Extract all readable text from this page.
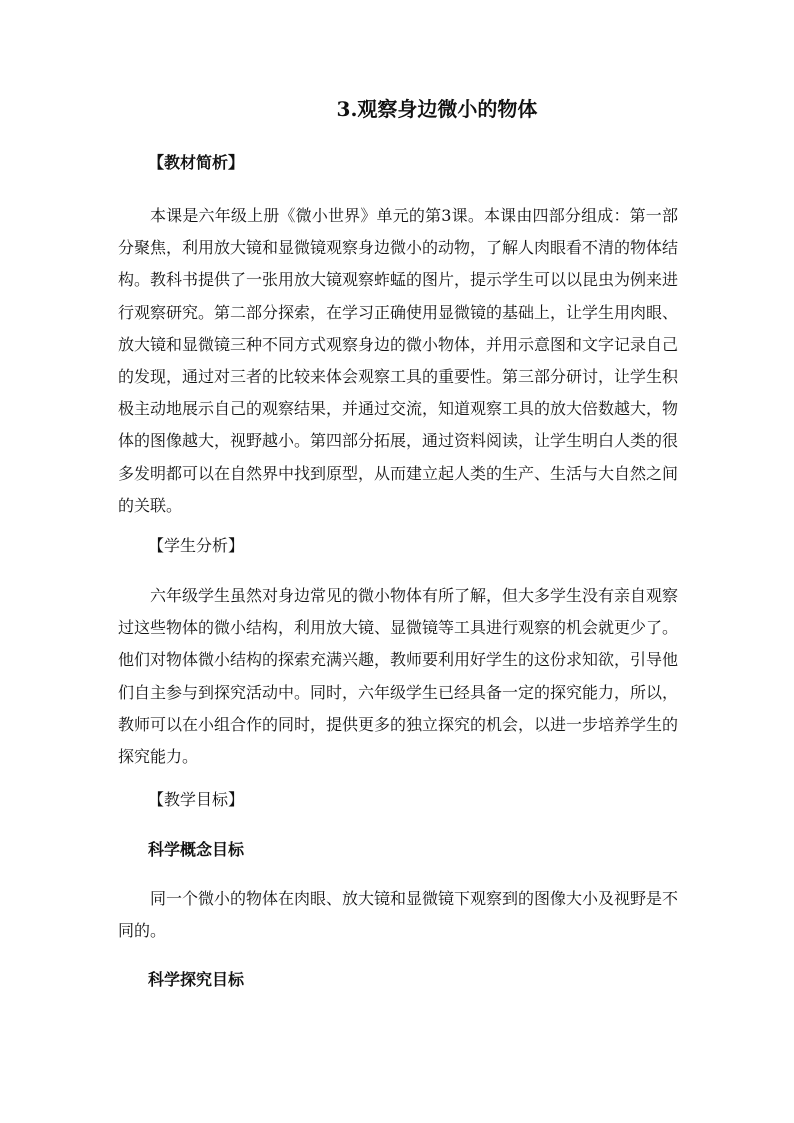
3.观察身边微小的物体
【教材简析】

本课是六年级上册《微小世界》单元的第3课。本课由四部分组成：第一部分聚焦，利用放大镜和显微镜观察身边微小的动物，了解人肉眼看不清的物体结构。教科书提供了一张用放大镜观察蚱蜢的图片，提示学生可以以昆虫为例来进行观察研究。第二部分探索，在学习正确使用显微镜的基础上，让学生用肉眼、放大镜和显微镜三种不同方式观察身边的微小物体，并用示意图和文字记录自己的发现，通过对三者的比较来体会观察工具的重要性。第三部分研讨，让学生积极主动地展示自己的观察结果，并通过交流，知道观察工具的放大倍数越大，物体的图像越大，视野越小。第四部分拓展，通过资料阅读，让学生明白人类的很多发明都可以在自然界中找到原型，从而建立起人类的生产、生活与大自然之间的关联。

【学生分析】

六年级学生虽然对身边常见的微小物体有所了解，但大多学生没有亲自观察过这些物体的微小结构，利用放大镜、显微镜等工具进行观察的机会就更少了。他们对物体微小结构的探索充满兴趣，教师要利用好学生的这份求知欲，引导他们自主参与到探究活动中。同时，六年级学生已经具备一定的探究能力，所以，教师可以在小组合作的同时，提供更多的独立探究的机会，以进一步培养学生的探究能力。

【教学目标】
科学概念目标

同一个微小的物体在肉眼、放大镜和显微镜下观察到的图像大小及视野是不同的。

科学探究目标
